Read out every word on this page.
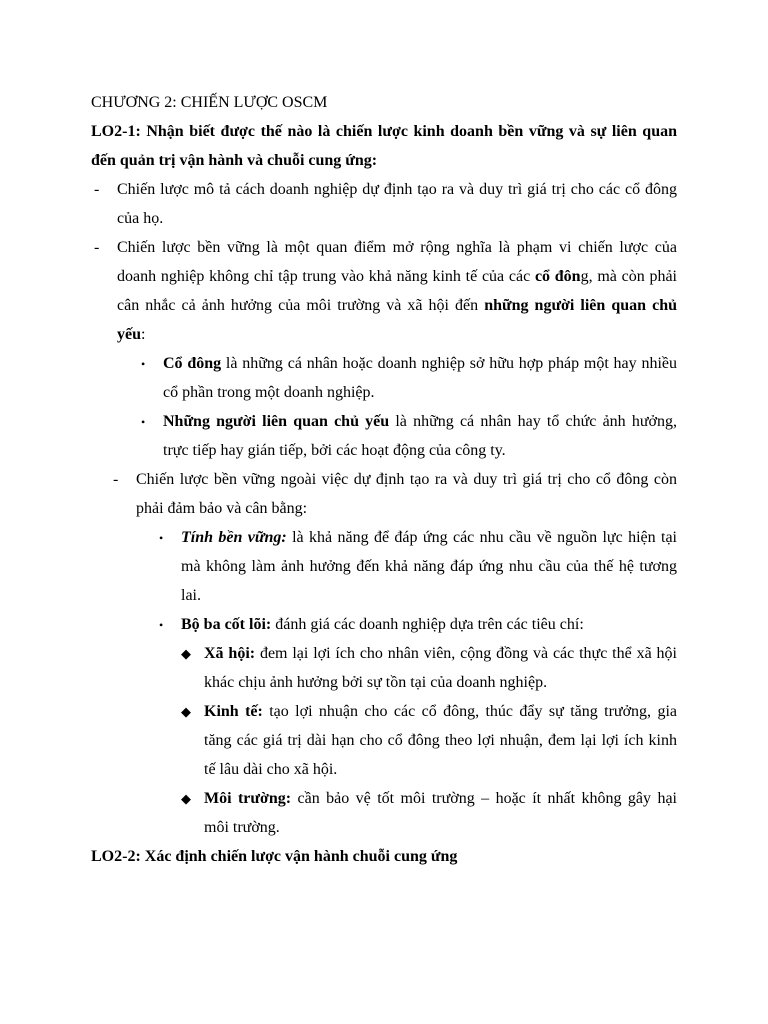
CHƯƠNG 2: CHIẾN LƯỢC OSCM
LO2-1: Nhận biết được thế nào là chiến lược kinh doanh bền vững và sự liên quan
đến quản trị vận hành và chuỗi cung ứng:
- Chiến lược mô tả cách doanh nghiệp dự định tạo ra và duy trì giá trị cho các cổ đông
của họ.
- Chiến lược bền vững là một quan điểm mở rộng nghĩa là phạm vi chiến lược của
doanh nghiệp không chỉ tập trung vào khả năng kinh tế của các cổ đông, mà còn phải
cân nhắc cả ảnh hưởng của môi trường và xã hội đến những người liên quan chủ
yếu:
• Cổ đông là những cá nhân hoặc doanh nghiệp sở hữu hợp pháp một hay nhiều
cổ phần trong một doanh nghiệp.
• Những người liên quan chủ yếu là những cá nhân hay tổ chức ảnh hưởng,
trực tiếp hay gián tiếp, bởi các hoạt động của công ty.
- Chiến lược bền vững ngoài việc dự định tạo ra và duy trì giá trị cho cổ đông còn
phải đảm bảo và cân bằng:
• Tính bền vững: là khả năng để đáp ứng các nhu cầu về nguồn lực hiện tại
mà không làm ảnh hưởng đến khả năng đáp ứng nhu cầu của thế hệ tương
lai.
• Bộ ba cốt lõi: đánh giá các doanh nghiệp dựa trên các tiêu chí:
◆ Xã hội: đem lại lợi ích cho nhân viên, cộng đồng và các thực thể xã hội
khác chịu ảnh hưởng bởi sự tồn tại của doanh nghiệp.
◆ Kinh tế: tạo lợi nhuận cho các cổ đông, thúc đẩy sự tăng trưởng, gia
tăng các giá trị dài hạn cho cổ đông theo lợi nhuận, đem lại lợi ích kinh
tế lâu dài cho xã hội.
◆ Môi trường: cần bảo vệ tốt môi trường – hoặc ít nhất không gây hại
môi trường.
LO2-2: Xác định chiến lược vận hành chuỗi cung ứng
